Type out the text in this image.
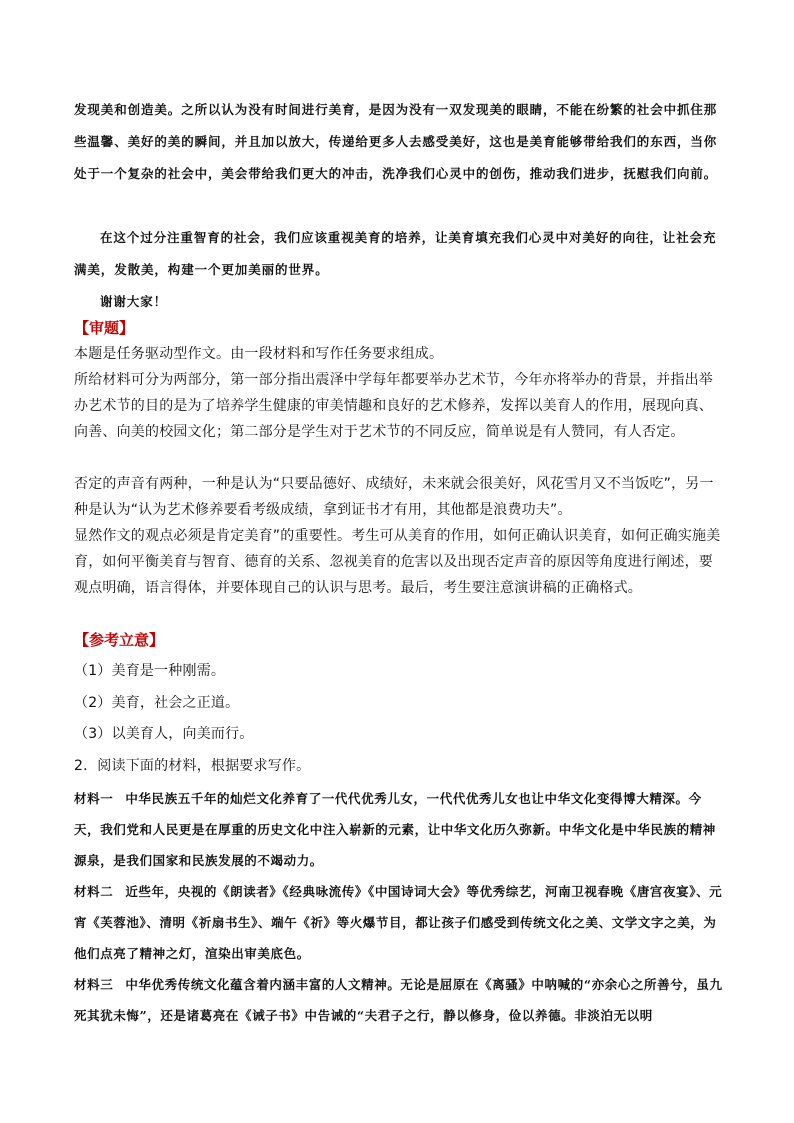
发现美和创造美。之所以认为没有时间进行美育，是因为没有一双发现美的眼睛，不能在纷繁的社会中抓住那些温馨、美好的美的瞬间，并且加以放大，传递给更多人去感受美好，这也是美育能够带给我们的东西，当你处于一个复杂的社会中，美会带给我们更大的冲击，洗净我们心灵中的创伤，推动我们进步，抚慰我们向前。
在这个过分注重智育的社会，我们应该重视美育的培养，让美育填充我们心灵中对美好的向往，让社会充满美，发散美，构建一个更加美丽的世界。
谢谢大家！
【审题】
本题是任务驱动型作文。由一段材料和写作任务要求组成。
所给材料可分为两部分，第一部分指出震泽中学每年都要举办艺术节，今年亦将举办的背景，并指出举办艺术节的目的是为了培养学生健康的审美情趣和良好的艺术修养，发挥以美育人的作用，展现向真、向善、向美的校园文化；第二部分是学生对于艺术节的不同反应，简单说是有人赞同，有人否定。
否定的声音有两种，一种是认为“只要品德好、成绩好，未来就会很美好，风花雪月又不当饭吃”，另一种是认为“认为艺术修养要看考级成绩，拿到证书才有用，其他都是浪费功夫”。
显然作文的观点必须是肯定美育”的重要性。考生可从美育的作用，如何正确认识美育，如何正确实施美育，如何平衡美育与智育、德育的关系、忽视美育的危害以及出现否定声音的原因等角度进行阐述，要观点明确，语言得体，并要体现自己的认识与思考。最后，考生要注意演讲稿的正确格式。
【参考立意】
（1）美育是一种刚需。
（2）美育，社会之正道。
（3）以美育人，向美而行。
2．阅读下面的材料，根据要求写作。
材料一 中华民族五千年的灿烂文化养育了一代代优秀儿女，一代代优秀儿女也让中华文化变得博大精深。今天，我们党和人民更是在厚重的历史文化中注入崭新的元素，让中华文化历久弥新。中华文化是中华民族的精神源泉，是我们国家和民族发展的不竭动力。
材料二 近些年，央视的《朗读者》《经典咏流传》《中国诗词大会》等优秀综艺，河南卫视春晚《唐宫夜宴》、元宵《芙蓉池》、清明《祈扇书生》、端午《祈》等火爆节目，都让孩子们感受到传统文化之美、文学文字之美，为他们点亮了精神之灯，渲染出审美底色。
材料三 中华优秀传统文化蕴含着内涵丰富的人文精神。无论是屈原在《离骚》中呐喊的“亦余心之所善兮，虽九死其犹未悔”，还是诸葛亮在《诫子书》中告诫的“夫君子之行，静以修身，俭以养德。非淡泊无以明
